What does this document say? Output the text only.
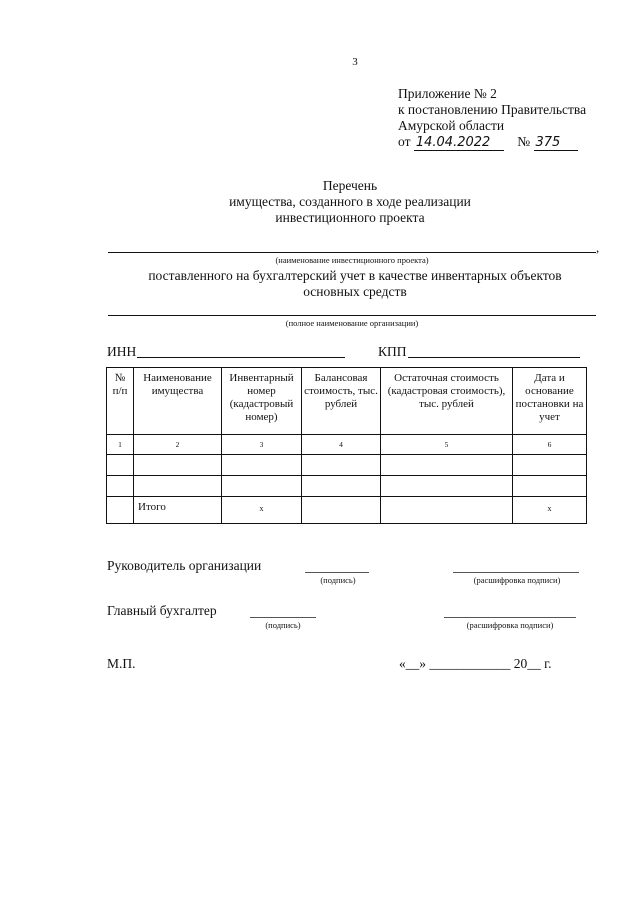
3
Приложение № 2
к постановлению Правительства
Амурской области
от 14.04.2022 № 375
Перечень
имущества, созданного в ходе реализации
инвестиционного проекта
,
(наименование инвестиционного проекта)
поставленного на бухгалтерский учет в качестве инвентарных объектов
основных средств
(полное наименование организации)
ИНН	КПП
№ п/п	Наименование имущества	Инвентарный номер (кадастровый номер)	Балансовая стоимость, тыс. рублей	Остаточная стоимость (кадастровая стоимость), тыс. рублей	Дата и основание постановки на учет
1	2	3	4	5	6

	Итого	x			x
Руководитель организации
(подпись)	(расшифровка подписи)
Главный бухгалтер
(подпись)	(расшифровка подписи)
М.П.	«__» ____________ 20__ г.
